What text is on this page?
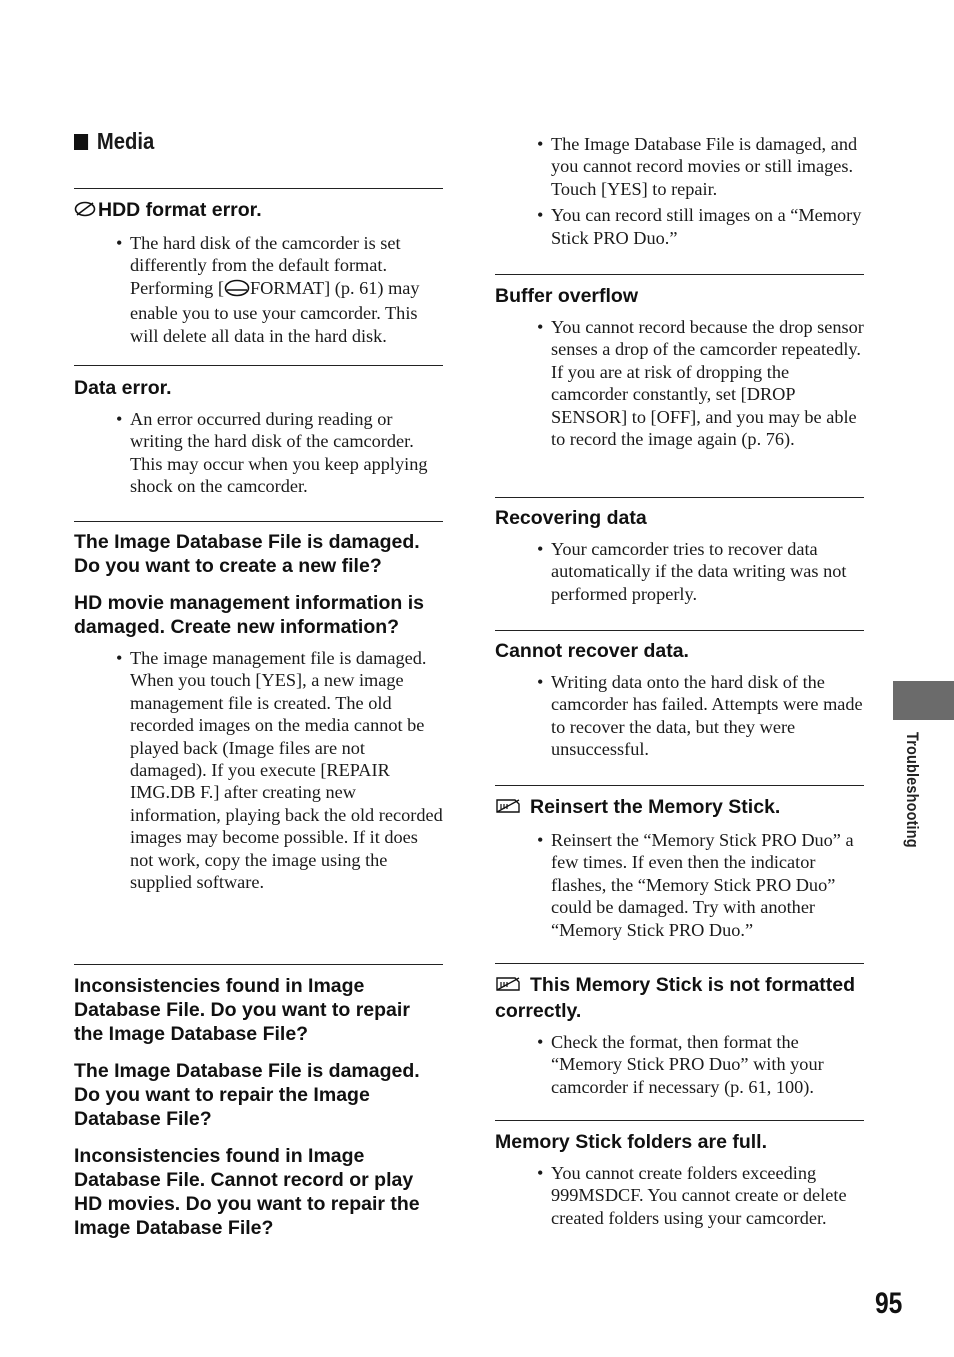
Media

HDD format error.

• The hard disk of the camcorder is set differently from the default format. Performing [ FORMAT] (p. 61) may enable you to use your camcorder. This will delete all data in the hard disk.

Data error.

• An error occurred during reading or writing the hard disk of the camcorder. This may occur when you keep applying shock on the camcorder.

The Image Database File is damaged. Do you want to create a new file?

HD movie management information is damaged. Create new information?

• The image management file is damaged. When you touch [YES], a new image management file is created. The old recorded images on the media cannot be played back (Image files are not damaged). If you execute [REPAIR IMG.DB F.] after creating new information, playing back the old recorded images may become possible. If it does not work, copy the image using the supplied software.

Inconsistencies found in Image Database File. Do you want to repair the Image Database File?

The Image Database File is damaged. Do you want to repair the Image Database File?

Inconsistencies found in Image Database File. Cannot record or play HD movies. Do you want to repair the Image Database File?

• The Image Database File is damaged, and you cannot record movies or still images. Touch [YES] to repair.
• You can record still images on a “Memory Stick PRO Duo.”

Buffer overflow

• You cannot record because the drop sensor senses a drop of the camcorder repeatedly. If you are at risk of dropping the camcorder constantly, set [DROP SENSOR] to [OFF], and you may be able to record the image again (p. 76).

Recovering data

• Your camcorder tries to recover data automatically if the data writing was not performed properly.

Cannot recover data.

• Writing data onto the hard disk of the camcorder has failed. Attempts were made to recover the data, but they were unsuccessful.

Reinsert the Memory Stick.

• Reinsert the “Memory Stick PRO Duo” a few times. If even then the indicator flashes, the “Memory Stick PRO Duo” could be damaged. Try with another “Memory Stick PRO Duo.”

This Memory Stick is not formatted correctly.

• Check the format, then format the “Memory Stick PRO Duo” with your camcorder if necessary (p. 61, 100).

Memory Stick folders are full.

• You cannot create folders exceeding 999MSDCF. You cannot create or delete created folders using your camcorder.
Troubleshooting
95
